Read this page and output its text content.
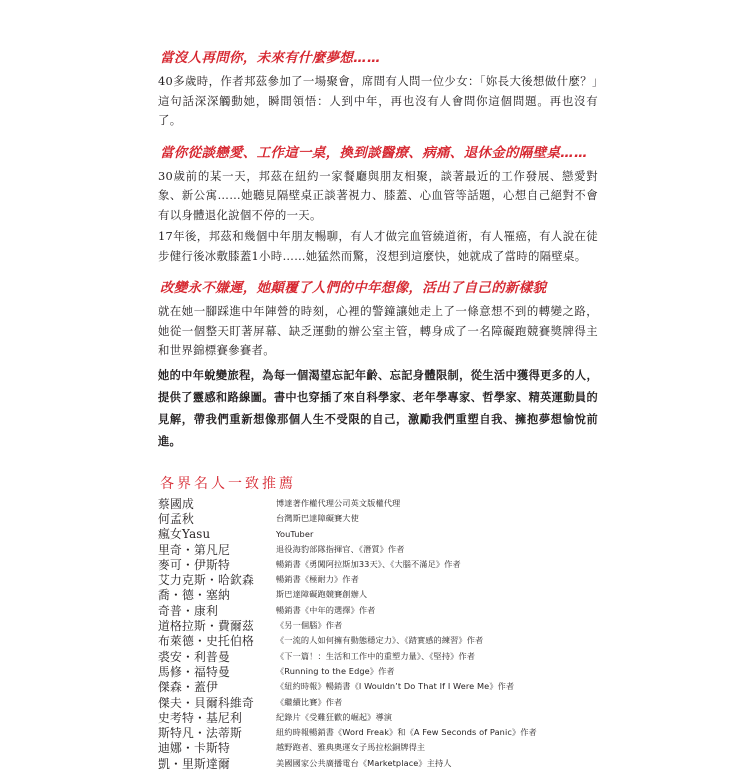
當沒人再問你，未來有什麼夢想……

40多歲時，作者邦茲參加了一場聚會，席間有人問一位少女：「妳長大後想做什麼？」這句話深深觸動她，瞬間領悟：人到中年，再也沒有人會問你這個問題。再也沒有了。

當你從談戀愛、工作這一桌，換到談醫療、病痛、退休金的隔壁桌……

30歲前的某一天，邦茲在紐約一家餐廳與朋友相聚，談著最近的工作發展、戀愛對象、新公寓……她聽見隔壁桌正談著視力、膝蓋、心血管等話題，心想自己絕對不會有以身體退化說個不停的一天。

17年後，邦茲和幾個中年朋友暢聊，有人才做完血管繞道術，有人罹癌，有人說在徒步健行後冰敷膝蓋1小時……她猛然而驚，沒想到這麼快，她就成了當時的隔壁桌。

改變永不嫌遲，她顛覆了人們的中年想像，活出了自己的新樣貌

就在她一腳踩進中年陣營的時刻，心裡的警鐘讓她走上了一條意想不到的轉變之路，她從一個整天盯著屏幕、缺乏運動的辦公室主管，轉身成了一名障礙跑競賽獎牌得主和世界錦標賽參賽者。

她的中年蛻變旅程，為每一個渴望忘記年齡、忘記身體限制，從生活中獲得更多的人，提供了靈感和路線圖。書中也穿插了來自科學家、老年學專家、哲學家、精英運動員的見解，帶我們重新想像那個人生不受限的自己，激勵我們重塑自我、擁抱夢想愉悅前進。

各界名人一致推薦
蔡國成	博達著作權代理公司英文版權代理
何孟秋	台灣斯巴達障礙賽大使
瘋女Yasu	YouTuber
里奇・第凡尼	退役海豹部隊指揮官、《潛質》作者
麥可・伊斯特	暢銷書《勇闖阿拉斯加33天》、《大腦不滿足》作者
艾力克斯・哈欽森	暢銷書《極耐力》作者
喬・德・塞納	斯巴達障礙跑競賽創辦人
奇普・康利	暢銷書《中年的選擇》作者
道格拉斯・費爾茲	《另一個腦》作者
布萊德・史托伯格	《一流的人如何擁有動態穩定力》、《踏實感的練習》作者
裘安・利普曼	《下一篇！：生活和工作中的重塑力量》、《堅持》作者
馬修・福特曼	《Running to the Edge》作者
傑森・蓋伊	《紐約時報》暢銷書《I Wouldn’t Do That If I Were Me》作者
傑夫・貝爾科維奇	《繼續比賽》作者
史考特・基尼利	紀錄片《受難狂歡的崛起》導演
斯特凡・法蒂斯	紐約時報暢銷書《Word Freak》和《A Few Seconds of Panic》作者
迪娜・卡斯特	越野跑者、雅典奧運女子馬拉松銅牌得主
凱・里斯達爾	美國國家公共廣播電台《Marketplace》主持人
